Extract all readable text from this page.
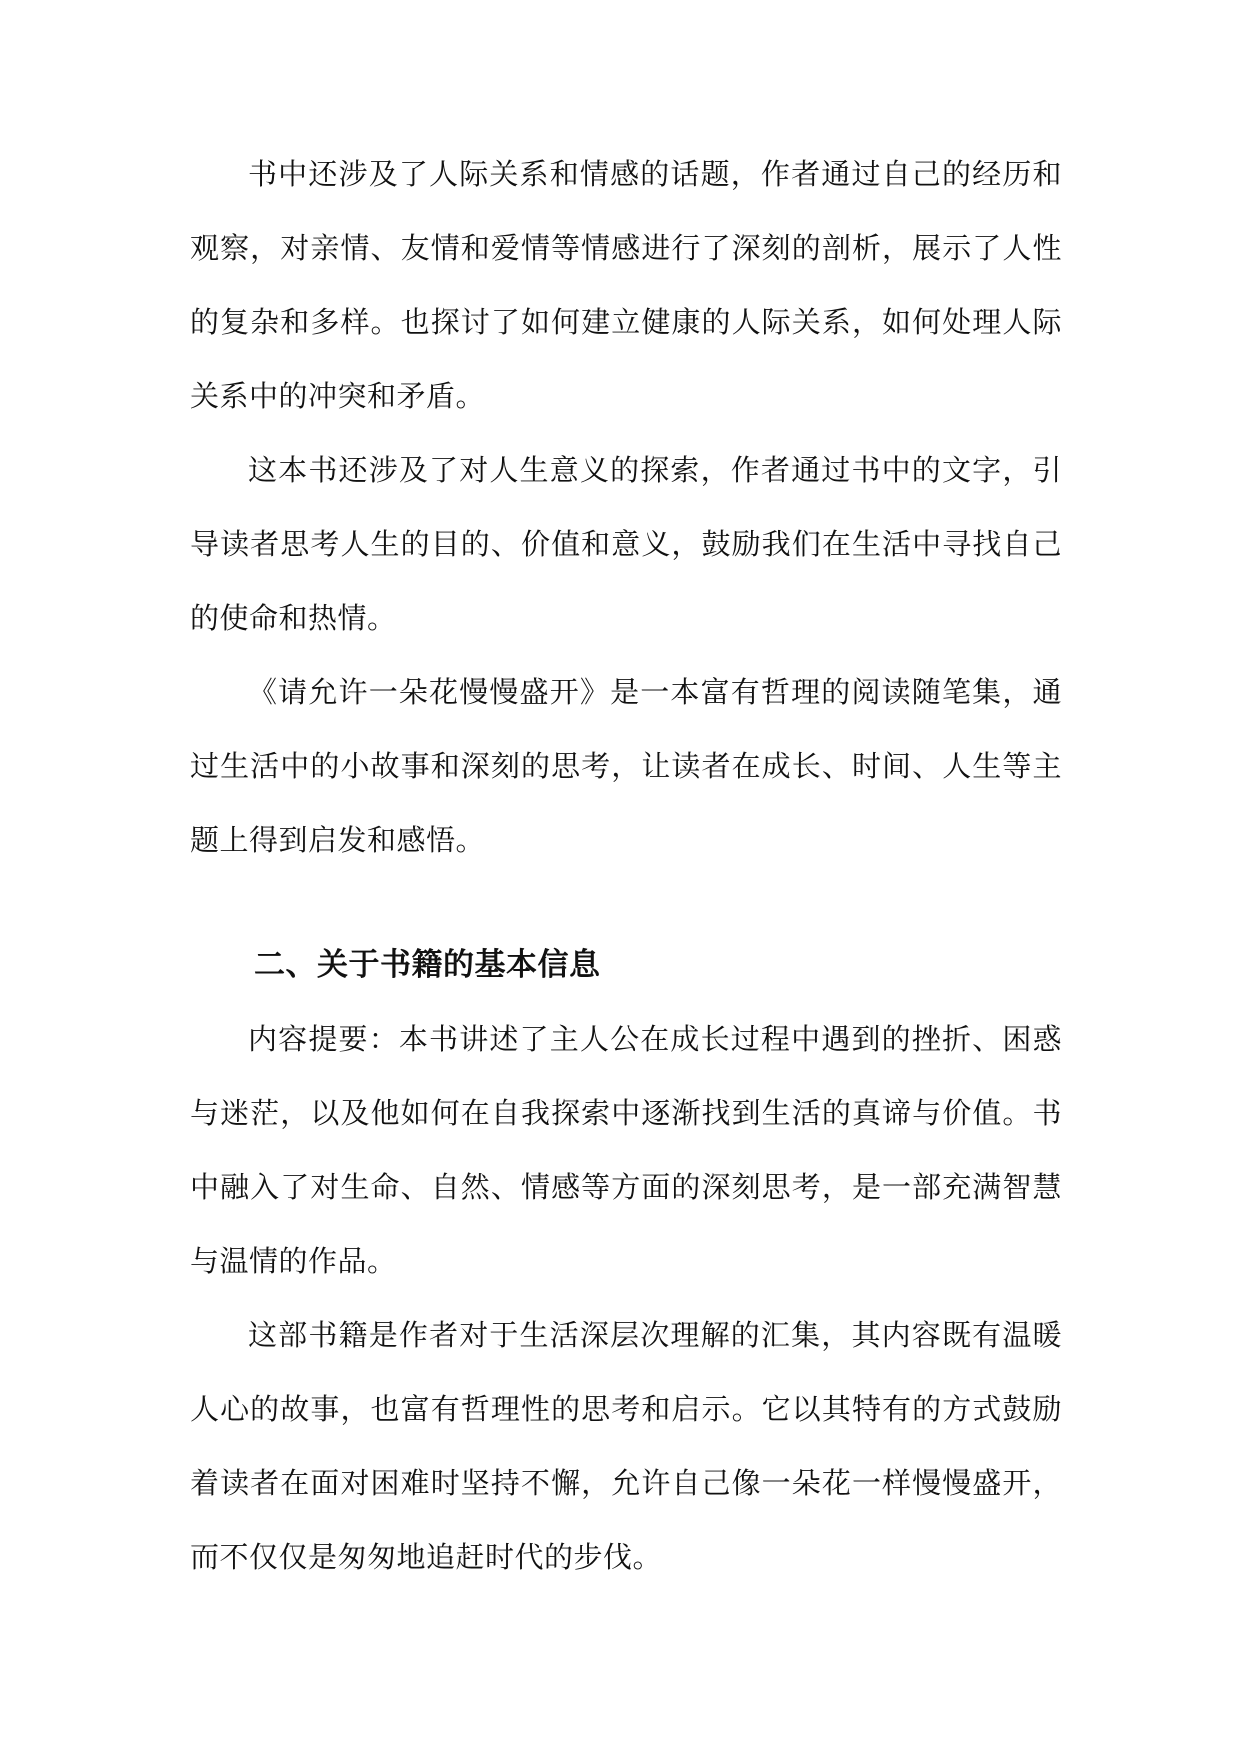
书中还涉及了人际关系和情感的话题，作者通过自己的经历和观察，对亲情、友情和爱情等情感进行了深刻的剖析，展示了人性的复杂和多样。也探讨了如何建立健康的人际关系，如何处理人际关系中的冲突和矛盾。

这本书还涉及了对人生意义的探索，作者通过书中的文字，引导读者思考人生的目的、价值和意义，鼓励我们在生活中寻找自己的使命和热情。

《请允许一朵花慢慢盛开》是一本富有哲理的阅读随笔集，通过生活中的小故事和深刻的思考，让读者在成长、时间、人生等主题上得到启发和感悟。

二、关于书籍的基本信息

内容提要：本书讲述了主人公在成长过程中遇到的挫折、困惑与迷茫，以及他如何在自我探索中逐渐找到生活的真谛与价值。书中融入了对生命、自然、情感等方面的深刻思考，是一部充满智慧与温情的作品。

这部书籍是作者对于生活深层次理解的汇集，其内容既有温暖人心的故事，也富有哲理性的思考和启示。它以其特有的方式鼓励着读者在面对困难时坚持不懈，允许自己像一朵花一样慢慢盛开，而不仅仅是匆匆地追赶时代的步伐。
